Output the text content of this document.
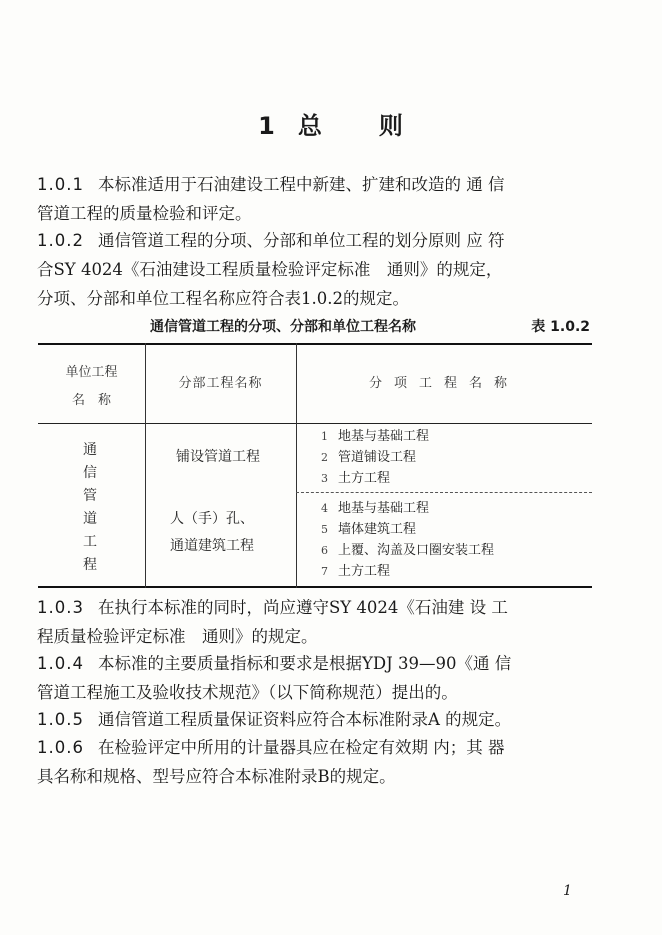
1 总 则
1.0.1 本标准适用于石油建设工程中新建、扩建和改造的 通 信
管道工程的质量检验和评定。
1.0.2 通信管道工程的分项、分部和单位工程的划分原则 应 符
合SY 4024《石油建设工程质量检验评定标准　通则》的规定，
分项、分部和单位工程名称应符合表1.0.2的规定。
通信管道工程的分项、分部和单位工程名称	表 1.0.2
单位工程
名　称
分部工程名称	分项工程名称
通信管道工程
铺设管道工程
人（手）孔、
通道建筑工程
1 地基与基础工程
2 管道铺设工程
3 土方工程
4 地基与基础工程
5 墙体建筑工程
6 上覆、沟盖及口圈安装工程
7 土方工程
1.0.3 在执行本标准的同时，尚应遵守SY 4024《石油建 设 工
程质量检验评定标准　通则》的规定。
1.0.4 本标准的主要质量指标和要求是根据YDJ 39—90《通 信
管道工程施工及验收技术规范》（以下简称规范）提出的。
1.0.5 通信管道工程质量保证资料应符合本标准附录A 的规定。
1.0.6 在检验评定中所用的计量器具应在检定有效期 内；其 器
具名称和规格、型号应符合本标准附录B的规定。
1
